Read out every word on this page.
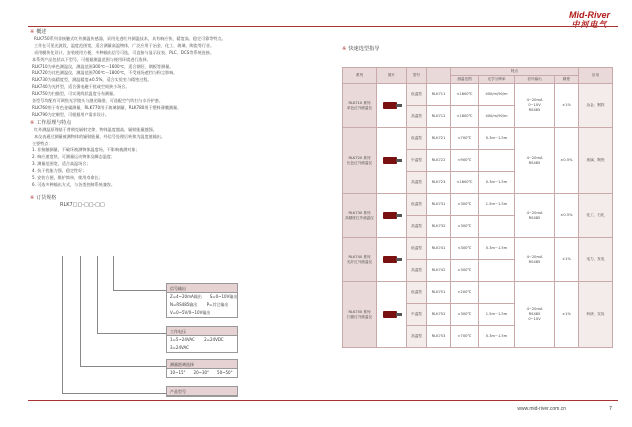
Mid-River
中河电气
※ 概述
RLK750系列非接触式红外测温传感器，采用先进红外测温技术，具有响应快、精度高、稳定可靠等特点。
工作在可见光波段，温度范围宽，适合测量高温物体，广泛应用于冶金、化工、玻璃、陶瓷等行业。
采用模块化设计，安装使用方便，多种输出信号可选，可直接与显示仪表、PLC、DCS等系统连接。
本系列产品包括以下型号，可根据测温范围与使用环境进行选择。
RLK710为单色测温仪，测温范围300℃～1600℃，适合钢坯、钢板等测量。
RLK720为比色测温仪，测温范围700℃～1800℃，不受视场遮挡与粉尘影响。
RLK730为高精度型，测温精度±0.5%，适合实验室与精密过程。
RLK740为光纤型，适合强电磁干扰或空间狭小场合。
RLK750为扫描型，可实现线状温度分布测量。
各型号均配有可调焦光学镜头与激光瞄准，可选配空气吹扫与水冷护套。
RLK760用于有色金属测量，RLK770用于玻璃测量，RLK780用于塑料薄膜测量。
RLK790为定制型，可根据用户需求设计。
※ 工作原理与特点
红外测温原理基于普朗克辐射定律，物体温度越高，辐射能量越强。
本仪表通过测量被测物体的辐射能量，经信号处理后转换为温度值输出。
主要特点：
1. 非接触测量，不破坏被测物体温度场，不影响被测对象；
2. 响应速度快，可测量运动物体及瞬态温度；
3. 测量范围宽，适合高温场合；
4. 抗干扰能力强，稳定性好；
5. 安装方便，维护简单，使用寿命长；
6. 可选多种输出方式，与各类控制系统兼容。
※ 订货规格
RLK7□□-□□-□□
信号输出
Z=4~20mA输出　　S=0~10V输出
N=RS485输出　　 P=其它输出
V=0~5V/0~10V输出
工作电压
1=5~24VAC　　 2=24VDC
3=24VAC
测量距离选择
10~15°　　20~30°　　50~50°
产品型号
※ 快速选型指导
系列	图片	型号		特点				应用
				测温范围	光学分辨率	信号输出	精度	
RLK710 系列
单色红外测温仪		低温型	RLK711	<1600℃	400/m/90/m	4~20mA
0~10V
RS485	±1%	冶金、钢铁
		高温型	RLK712	<1800℃	400/m/90/m			
RLK720 系列
比色红外测温仪		低温型	RLK721	<700℃	0.3m~1.5m	4~20mA
RS485	±0.5%	玻璃、陶瓷
		中温型	RLK722	<900℃				
		高温型	RLK723	<1600℃	0.3m~1.5m			
RLK730 系列
高精度红外测温仪		低温型	RLK731	>300℃	1.5m~1.5m	4~20mA
RS485	±0.5%	化工、石化
		高温型	RLK732	>300℃				
RLK740 系列
光纤红外测温仪		低温型	RLK741	<300℃	0.3m~1.5m	4~20mA
RS485	±1%	电力、发电
		高温型	RLK742	>300℃				
RLK750 系列
扫描红外测温仪		低温型	RLK751	>200℃		4~20mA
RS485
0~10V	±1%	科研、实验
		中温型	RLK752	>300℃	1.5m~1.5m			
		高温型	RLK753	>700℃	0.3m~1.5m			
www.mid-river.com.cn	7
